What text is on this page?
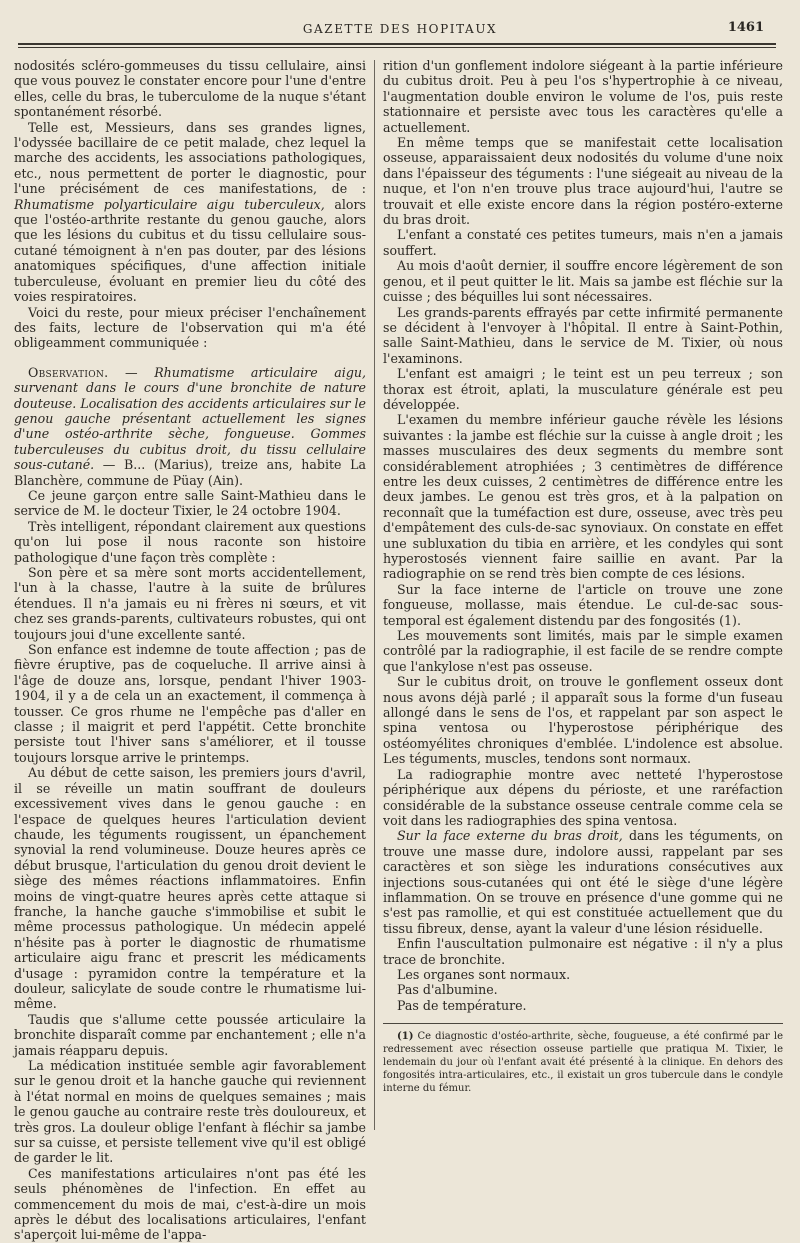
GAZETTE DES HOPITAUX	1461

nodosités scléro-gommeuses du tissu cellulaire, ainsi que vous pouvez le constater encore pour l'une d'entre elles, celle du bras, le tuberculome de la nuque s'étant spontanément résorbé.

Telle est, Messieurs, dans ses grandes lignes, l'odyssée bacillaire de ce petit malade, chez lequel la marche des accidents, les associations pathologiques, etc., nous permettent de porter le diagnostic, pour l'une précisément de ces manifestations, de : Rhumatisme polyarticulaire aigu tuberculeux, alors que l'ostéo-arthrite restante du genou gauche, alors que les lésions du cubitus et du tissu cellulaire sous-cutané témoignent à n'en pas douter, par des lésions anatomiques spécifiques, d'une affection initiale tuberculeuse, évoluant en premier lieu du côté des voies respiratoires.

Voici du reste, pour mieux préciser l'enchaînement des faits, lecture de l'observation qui m'a été obligeamment communiquée :

Observation. — Rhumatisme articulaire aigu, survenant dans le cours d'une bronchite de nature douteuse. Localisation des accidents articulaires sur le genou gauche présentant actuellement les signes d'une ostéo-arthrite sèche, fongueuse. Gommes tuberculeuses du cubitus droit, du tissu cellulaire sous-cutané. — B... (Marius), treize ans, habite La Blanchère, commune de Püay (Ain).

Ce jeune garçon entre salle Saint-Mathieu dans le service de M. le docteur Tixier, le 24 octobre 1904.

Très intelligent, répondant clairement aux questions qu'on lui pose il nous raconte son histoire pathologique d'une façon très complète :

Son père et sa mère sont morts accidentellement, l'un à la chasse, l'autre à la suite de brûlures étendues. Il n'a jamais eu ni frères ni sœurs, et vit chez ses grands-parents, cultivateurs robustes, qui ont toujours joui d'une excellente santé.

Son enfance est indemne de toute affection ; pas de fièvre éruptive, pas de coqueluche. Il arrive ainsi à l'âge de douze ans, lorsque, pendant l'hiver 1903-1904, il y a de cela un an exactement, il commença à tousser. Ce gros rhume ne l'empêche pas d'aller en classe ; il maigrit et perd l'appétit. Cette bronchite persiste tout l'hiver sans s'améliorer, et il tousse toujours lorsque arrive le printemps.

Au début de cette saison, les premiers jours d'avril, il se réveille un matin souffrant de douleurs excessivement vives dans le genou gauche : en l'espace de quelques heures l'articulation devient chaude, les téguments rougissent, un épanchement synovial la rend volumineuse. Douze heures après ce début brusque, l'articulation du genou droit devient le siège des mêmes réactions inflammatoires. Enfin moins de vingt-quatre heures après cette attaque si franche, la hanche gauche s'immobilise et subit le même processus pathologique. Un médecin appelé n'hésite pas à porter le diagnostic de rhumatisme articulaire aigu franc et prescrit les médicaments d'usage : pyramidon contre la température et la douleur, salicylate de soude contre le rhumatisme lui-même.

Taudis que s'allume cette poussée articulaire la bronchite disparaît comme par enchantement ; elle n'a jamais réapparu depuis.

La médication instituée semble agir favorablement sur le genou droit et la hanche gauche qui reviennent à l'état normal en moins de quelques semaines ; mais le genou gauche au contraire reste très douloureux, et très gros. La douleur oblige l'enfant à fléchir sa jambe sur sa cuisse, et persiste tellement vive qu'il est obligé de garder le lit.

Ces manifestations articulaires n'ont pas été les seuls phénomènes de l'infection. En effet au commencement du mois de mai, c'est-à-dire un mois après le début des localisations articulaires, l'enfant s'aperçoit lui-même de l'appa-

rition d'un gonflement indolore siégeant à la partie inférieure du cubitus droit. Peu à peu l'os s'hypertrophie à ce niveau, l'augmentation double environ le volume de l'os, puis reste stationnaire et persiste avec tous les caractères qu'elle a actuellement.

En même temps que se manifestait cette localisation osseuse, apparaissaient deux nodosités du volume d'une noix dans l'épaisseur des téguments : l'une siégeait au niveau de la nuque, et l'on n'en trouve plus trace aujourd'hui, l'autre se trouvait et elle existe encore dans la région postéro-externe du bras droit.

L'enfant a constaté ces petites tumeurs, mais n'en a jamais souffert.

Au mois d'août dernier, il souffre encore légèrement de son genou, et il peut quitter le lit. Mais sa jambe est fléchie sur la cuisse ; des béquilles lui sont nécessaires.

Les grands-parents effrayés par cette infirmité permanente se décident à l'envoyer à l'hôpital. Il entre à Saint-Pothin, salle Saint-Mathieu, dans le service de M. Tixier, où nous l'examinons.

L'enfant est amaigri ; le teint est un peu terreux ; son thorax est étroit, aplati, la musculature générale est peu développée.

L'examen du membre inférieur gauche révèle les lésions suivantes : la jambe est fléchie sur la cuisse à angle droit ; les masses musculaires des deux segments du membre sont considérablement atrophiées ; 3 centimètres de différence entre les deux cuisses, 2 centimètres de différence entre les deux jambes. Le genou est très gros, et à la palpation on reconnaît que la tuméfaction est dure, osseuse, avec très peu d'empâtement des culs-de-sac synoviaux. On constate en effet une subluxation du tibia en arrière, et les condyles qui sont hyperostosés viennent faire saillie en avant. Par la radiographie on se rend très bien compte de ces lésions.

Sur la face interne de l'article on trouve une zone fongueuse, mollasse, mais étendue. Le cul-de-sac sous-temporal est également distendu par des fongosités (1).

Les mouvements sont limités, mais par le simple examen contrôlé par la radiographie, il est facile de se rendre compte que l'ankylose n'est pas osseuse.

Sur le cubitus droit, on trouve le gonflement osseux dont nous avons déjà parlé ; il apparaît sous la forme d'un fuseau allongé dans le sens de l'os, et rappelant par son aspect le spina ventosa ou l'hyperostose périphérique des ostéomyélites chroniques d'emblée. L'indolence est absolue. Les téguments, muscles, tendons sont normaux.

La radiographie montre avec netteté l'hyperostose périphérique aux dépens du périoste, et une raréfaction considérable de la substance osseuse centrale comme cela se voit dans les radiographies des spina ventosa.

Sur la face externe du bras droit, dans les téguments, on trouve une masse dure, indolore aussi, rappelant par ses caractères et son siège les indurations consécutives aux injections sous-cutanées qui ont été le siège d'une légère inflammation. On se trouve en présence d'une gomme qui ne s'est pas ramollie, et qui est constituée actuellement que du tissu fibreux, dense, ayant la valeur d'une lésion résiduelle.

Enfin l'auscultation pulmonaire est négative : il n'y a plus trace de bronchite.

Les organes sont normaux.

Pas d'albumine.

Pas de température.

(1) Ce diagnostic d'ostéo-arthrite, sèche, fougueuse, a été confirmé par le redressement avec résection osseuse partielle que pratiqua M. Tixier, le lendemain du jour où l'enfant avait été présenté à la clinique. En dehors des fongosités intra-articulaires, etc., il existait un gros tubercule dans le condyle interne du fémur.
